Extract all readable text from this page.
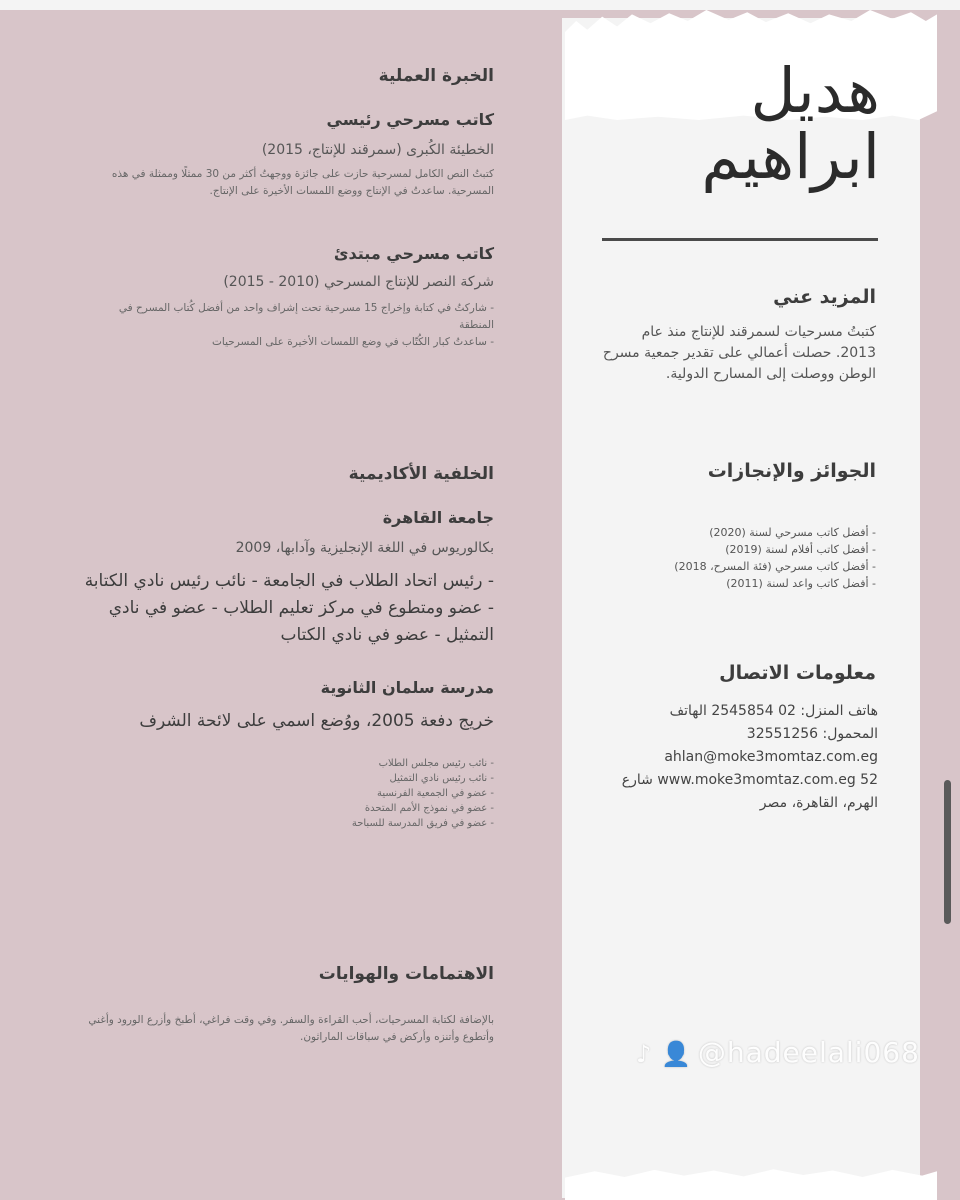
هديل
ابراهيم
المزيد عني
كتبتُ مسرحيات لسمرقند للإنتاج منذ عام 2013. حصلت أعمالي على تقدير جمعية مسرح الوطن ووصلت إلى المسارح الدولية.
الجوائز والإنجازات
- أفضل كاتب مسرحي لسنة (2020)
- أفضل كاتب أفلام لسنة (2019)
- أفضل كاتب مسرحي (فئة المسرح، 2018)
- أفضل كاتب واعد لسنة (2011)
معلومات الاتصال
هاتف المنزل: 02 2545854 الهاتف
المحمول: 32551256
ahlan@moke3momtaz.com.eg
www.moke3momtaz.com.eg 52 شارع
الهرم، القاهرة، مصر
الخبرة العملية
كاتب مسرحي رئيسي
الخطيئة الكُبرى (سمرقند للإنتاج، 2015)
كتبتُ النص الكامل لمسرحية حازت على جائزة ووجهتُ أكثر من 30 ممثلًا وممثلة في هذه المسرحية. ساعدتُ في الإنتاج ووضع اللمسات الأخيرة على الإنتاج.
كاتب مسرحي مبتدئ
شركة النصر للإنتاج المسرحي (2010 - 2015)
- شاركتُ في كتابة وإخراج 15 مسرحية تحت إشراف واحد من أفضل كُتاب المسرح في المنطقة
- ساعدتُ كبار الكُتّاب في وضع اللمسات الأخيرة على المسرحيات
الخلفية الأكاديمية
جامعة القاهرة
بكالوريوس في اللغة الإنجليزية وآدابها، 2009
- رئيس اتحاد الطلاب في الجامعة - نائب رئيس نادي الكتابة - عضو ومتطوع في مركز تعليم الطلاب - عضو في نادي التمثيل - عضو في نادي الكتاب
مدرسة سلمان الثانوية
خريج دفعة 2005، ووُضع اسمي على لائحة الشرف
- نائب رئيس مجلس الطلاب
- نائب رئيس نادي التمثيل
- عضو في الجمعية الفرنسية
- عضو في نموذج الأمم المتحدة
- عضو في فريق المدرسة للسباحة
الاهتمامات والهوايات
بالإضافة لكتابة المسرحيات، أحب القراءة والسفر. وفي وقت فراغي، أطبخ وأزرع الورود وأغني وأتطوع وأتنزه وأركض في سباقات الماراثون.
♪ 👤 @hadeelali068
